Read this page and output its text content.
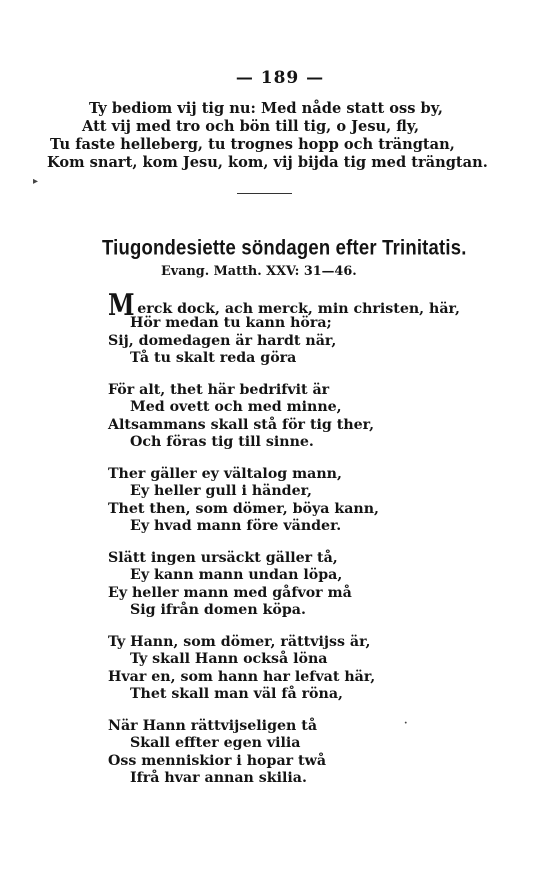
— 189 —
Ty bediom vij tig nu: Med nåde statt oss by,
Att vij med tro och bön till tig, o Jesu, fly,
Tu faste helleberg, tu trognes hopp och trängtan,
Kom snart, kom Jesu, kom, vij bijda tig med trängtan.
▸
Tiugondesiette söndagen efter Trinitatis.
Evang. Matth. XXV: 31—46.
Merck dock, ach merck, min christen, här,
Hör medan tu kann höra;
Sij, domedagen är hardt när,
Tå tu skalt reda göra
För alt, thet här bedrifvit är
Med ovett och med minne,
Altsammans skall stå för tig ther,
Och föras tig till sinne.
Ther gäller ey vältalog mann,
Ey heller gull i händer,
Thet then, som dömer, böya kann,
Ey hvad mann före vänder.
Slätt ingen ursäckt gäller tå,
Ey kann mann undan löpa,
Ey heller mann med gåfvor må
Sig ifrån domen köpa.
Ty Hann, som dömer, rättvijss är,
Ty skall Hann också löna
Hvar en, som hann har lefvat här,
Thet skall man väl få röna,
När Hann rättvijseligen tå
Skall effter egen vilia
Oss menniskior i hopar twå
Ifrå hvar annan skilia.
·
